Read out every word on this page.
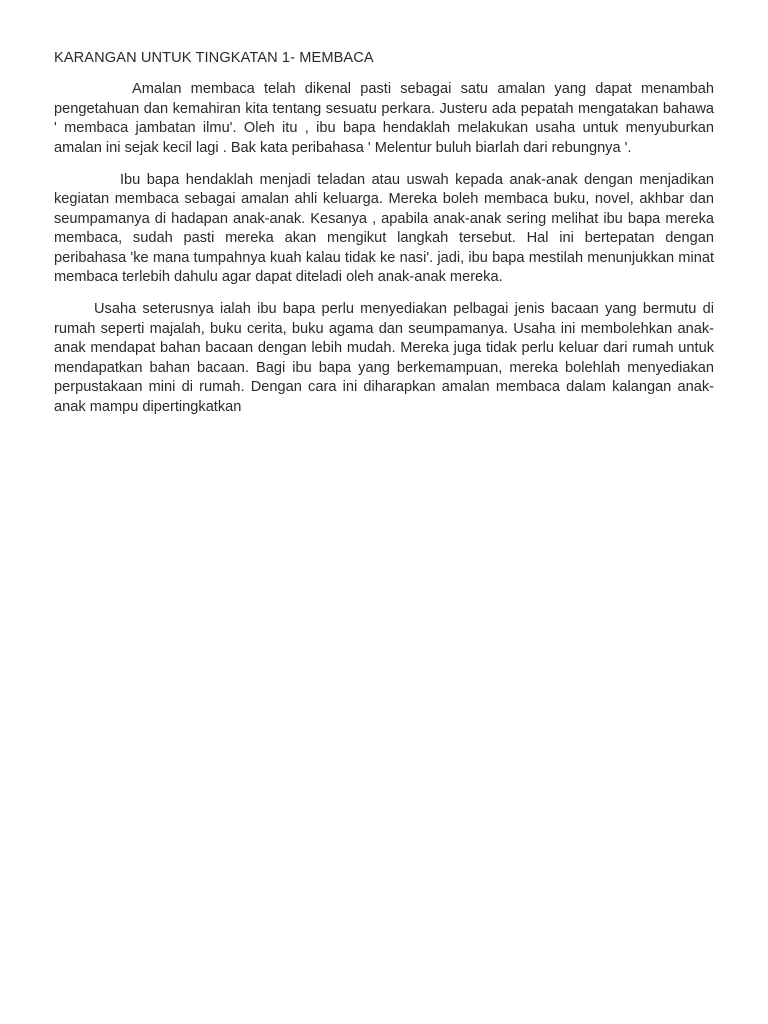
KARANGAN UNTUK TINGKATAN 1- MEMBACA

Amalan membaca telah dikenal pasti sebagai satu amalan yang dapat menambah pengetahuan dan kemahiran kita tentang sesuatu perkara. Justeru ada pepatah mengatakan bahawa ' membaca jambatan ilmu'. Oleh itu , ibu bapa hendaklah melakukan usaha untuk menyuburkan amalan ini sejak kecil lagi . Bak kata peribahasa ' Melentur buluh biarlah dari rebungnya '.

Ibu bapa hendaklah menjadi teladan atau uswah kepada anak-anak dengan menjadikan kegiatan membaca sebagai amalan ahli keluarga. Mereka boleh membaca buku, novel, akhbar dan seumpamanya di hadapan anak-anak. Kesanya , apabila anak-anak sering melihat ibu bapa mereka membaca, sudah pasti mereka akan mengikut langkah tersebut. Hal ini bertepatan dengan peribahasa 'ke mana tumpahnya kuah kalau tidak ke nasi'. jadi, ibu bapa mestilah menunjukkan minat membaca terlebih dahulu agar dapat diteladi oleh anak-anak mereka.

Usaha seterusnya ialah ibu bapa perlu menyediakan pelbagai jenis bacaan yang bermutu di rumah seperti majalah, buku cerita, buku agama dan seumpamanya. Usaha ini membolehkan anak-anak mendapat bahan bacaan dengan lebih mudah. Mereka juga tidak perlu keluar dari rumah untuk mendapatkan bahan bacaan. Bagi ibu bapa yang berkemampuan, mereka bolehlah menyediakan perpustakaan mini di rumah. Dengan cara ini diharapkan amalan membaca dalam kalangan anak-anak mampu dipertingkatkan
